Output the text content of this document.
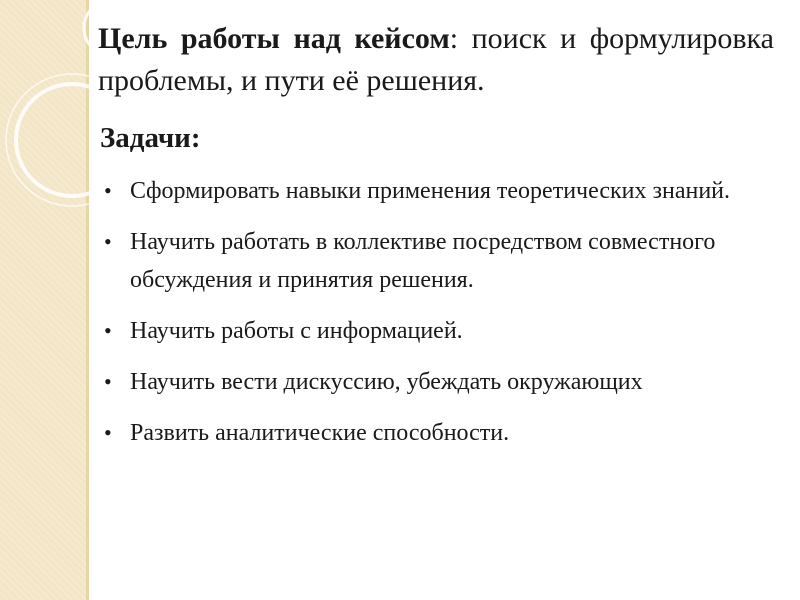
Цель работы над кейсом: поиск и формулировка проблемы, и пути её решения.
Задачи:
• Сформировать навыки применения теоретических знаний.
• Научить работать в коллективе посредством совместного обсуждения и принятия решения.
• Научить работы с информацией.
• Научить вести дискуссию, убеждать окружающих
• Развить аналитические способности.
